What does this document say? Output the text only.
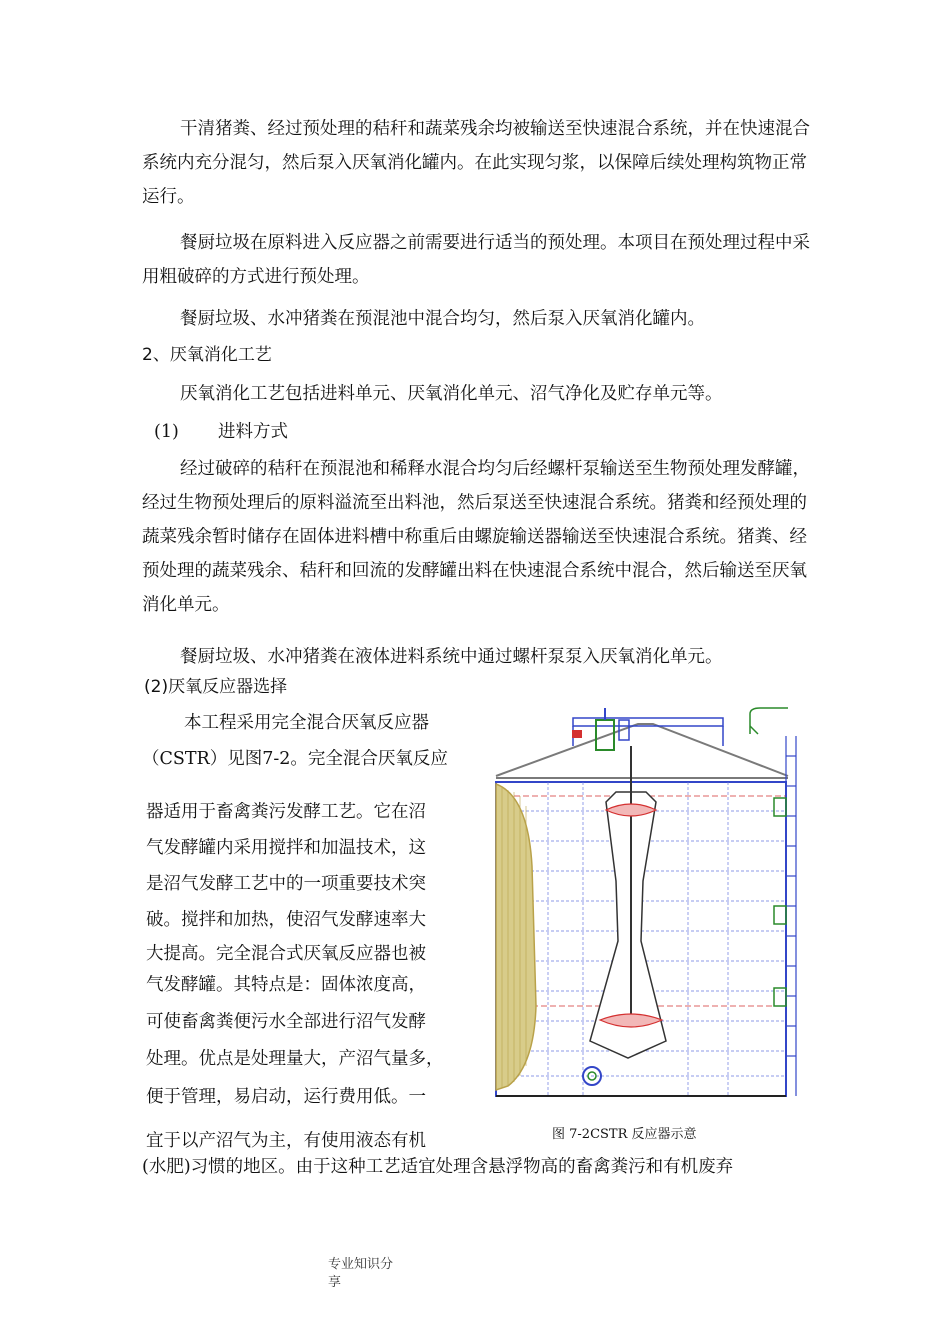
干清猪粪、经过预处理的秸秆和蔬菜残余均被输送至快速混合系统，并在快速混合系统内充分混匀，然后泵入厌氧消化罐内。在此实现匀浆，以保障后续处理构筑物正常运行。

餐厨垃圾在原料进入反应器之前需要进行适当的预处理。本项目在预处理过程中采用粗破碎的方式进行预处理。

餐厨垃圾、水冲猪粪在预混池中混合均匀，然后泵入厌氧消化罐内。

2、厌氧消化工艺

厌氧消化工艺包括进料单元、厌氧消化单元、沼气净化及贮存单元等。

(1) 进料方式

经过破碎的秸秆在预混池和稀释水混合均匀后经螺杆泵输送至生物预处理发酵罐，经过生物预处理后的原料溢流至出料池，然后泵送至快速混合系统。猪粪和经预处理的蔬菜残余暂时储存在固体进料槽中称重后由螺旋输送器输送至快速混合系统。猪粪、经预处理的蔬菜残余、秸秆和回流的发酵罐出料在快速混合系统中混合，然后输送至厌氧消化单元。

餐厨垃圾、水冲猪粪在液体进料系统中通过螺杆泵泵入厌氧消化单元。

(2)厌氧反应器选择

本工程采用完全混合厌氧反应器

（CSTR）见图7-2。完全混合厌氧反应

器适用于畜禽粪污发酵工艺。它在沼

气发酵罐内采用搅拌和加温技术，这

是沼气发酵工艺中的一项重要技术突

破。搅拌和加热，使沼气发酵速率大

大提高。完全混合式厌氧反应器也被

气发酵罐。其特点是：固体浓度高，

可使畜禽粪便污水全部进行沼气发酵

处理。优点是处理量大，产沼气量多，

便于管理，易启动，运行费用低。一

宜于以产沼气为主，有使用液态有机	图 7-2CSTR 反应器示意

(水肥)习惯的地区。由于这种工艺适宜处理含悬浮物高的畜禽粪污和有机废弃

专业知识分
享
